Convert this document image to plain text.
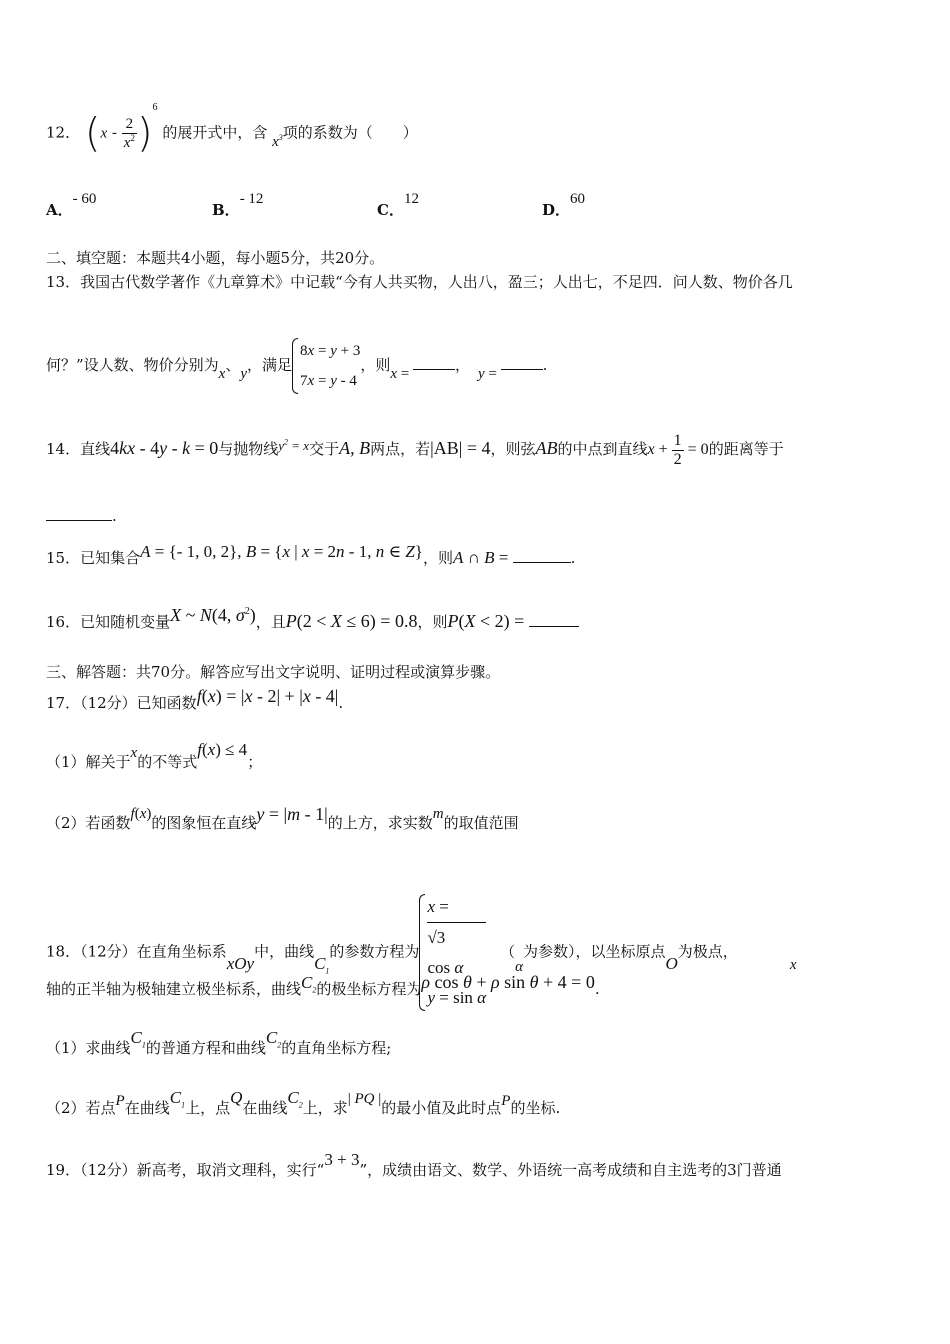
12． $(x - \frac{2}{x^2} )^6$ 的展开式中，含 $x^3$项的系数为（　　）
A．- 60
B．- 12
C．12
D．60
二、填空题：本题共4小题，每小题5分，共20分。
13．我国古代数学著作《九章算术》中记载“今有人共买物，人出八，盈三；人出七，不足四．问人数、物价各几
何？”设人数、物价分别为x、y，满足
8x = y + 3
7x = y - 4
，则x =	， y =	.
14．直线4kx - 4y - k = 0与抛物线$y^2 = x$交于A, B两点，若|AB| = 4，则弦AB的中点到直线$x + \frac{1}{2} = 0$的距离等于
.
15．已知集合A = {- 1, 0, 2}, B = {x | x = 2n - 1, n ∈ Z}，则A ∩ B =	.
16．已知随机变量X ~ N(4, $\sigma^2$)，且P(2 < X ≤ 6) = 0.8，则P(X < 2) =
三、解答题：共70分。解答应写出文字说明、证明过程或演算步骤。
17．（12分）已知函数f(x) = |x - 2| + |x - 4|.
（1）解关于x的不等式f(x) ≤ 4；
（2）若函数f(x)的图象恒在直线y = |m - 1|的上方，求实数m的取值范围
18．（12分）在直角坐标系xOy中，曲线$C_1$的参数方程为
x =
√3
cos α
y = sin α
（α为参数），以坐标原点O为极点，x
轴的正半轴为极轴建立极坐标系，曲线$C_2$的极坐标方程为ρ cos θ + ρ sin θ + 4 = 0.
（1）求曲线$C_1$的普通方程和曲线$C_2$的直角坐标方程;
（2）若点P在曲线$C_1$上，点Q在曲线$C_2$上，求| PQ |的最小值及此时点P的坐标.
19．（12分）新高考，取消文理科，实行“3 + 3”，成绩由语文、数学、外语统一高考成绩和自主选考的3门普通
